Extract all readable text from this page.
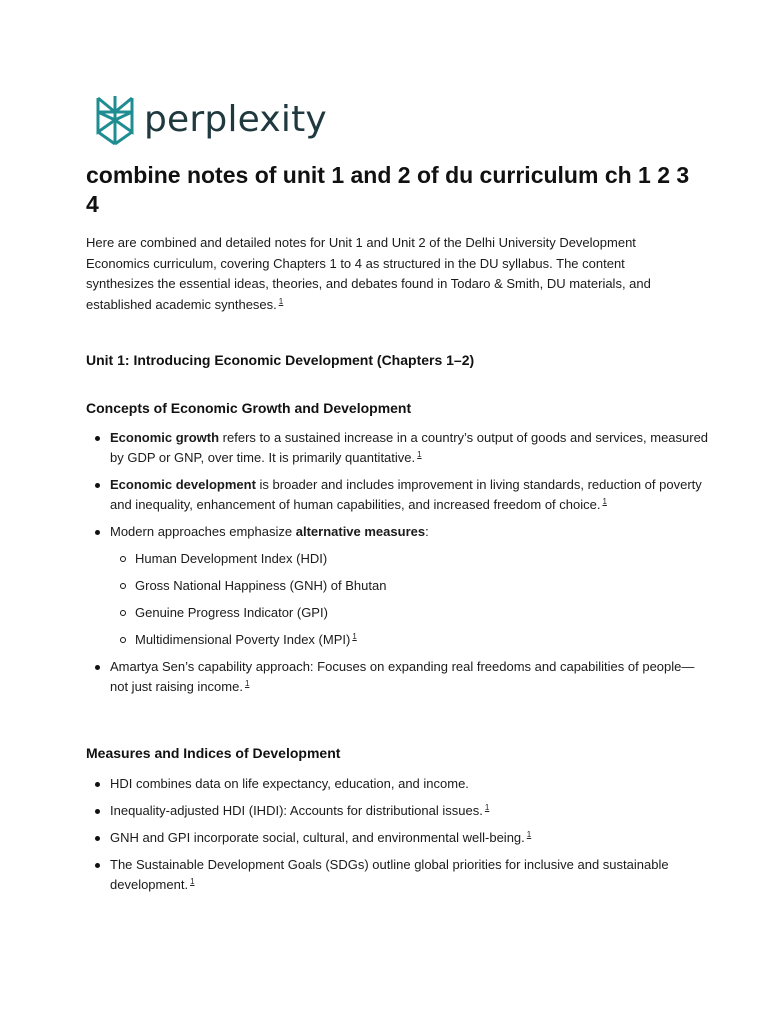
perplexity
combine notes of unit 1 and 2 of du curriculum ch 1 2 3 4

Here are combined and detailed notes for Unit 1 and Unit 2 of the Delhi University Development Economics curriculum, covering Chapters 1 to 4 as structured in the DU syllabus. The content synthesizes the essential ideas, theories, and debates found in Todaro & Smith, DU materials, and established academic syntheses. $^1$

Unit 1: Introducing Economic Development (Chapters 1–2)
Concepts of Economic Growth and Development
Economic growth refers to a sustained increase in a country’s output of goods and services, measured by GDP or GNP, over time. It is primarily quantitative. $^1$
Economic development is broader and includes improvement in living standards, reduction of poverty and inequality, enhancement of human capabilities, and increased freedom of choice. $^1$
Modern approaches emphasize alternative measures:
Human Development Index (HDI)
Gross National Happiness (GNH) of Bhutan
Genuine Progress Indicator (GPI)
Multidimensional Poverty Index (MPI) $^1$
Amartya Sen’s capability approach: Focuses on expanding real freedoms and capabilities of people—not just raising income. $^1$
Measures and Indices of Development
HDI combines data on life expectancy, education, and income.
Inequality-adjusted HDI (IHDI): Accounts for distributional issues. $^1$
GNH and GPI incorporate social, cultural, and environmental well-being. $^1$
The Sustainable Development Goals (SDGs) outline global priorities for inclusive and sustainable development. $^1$
